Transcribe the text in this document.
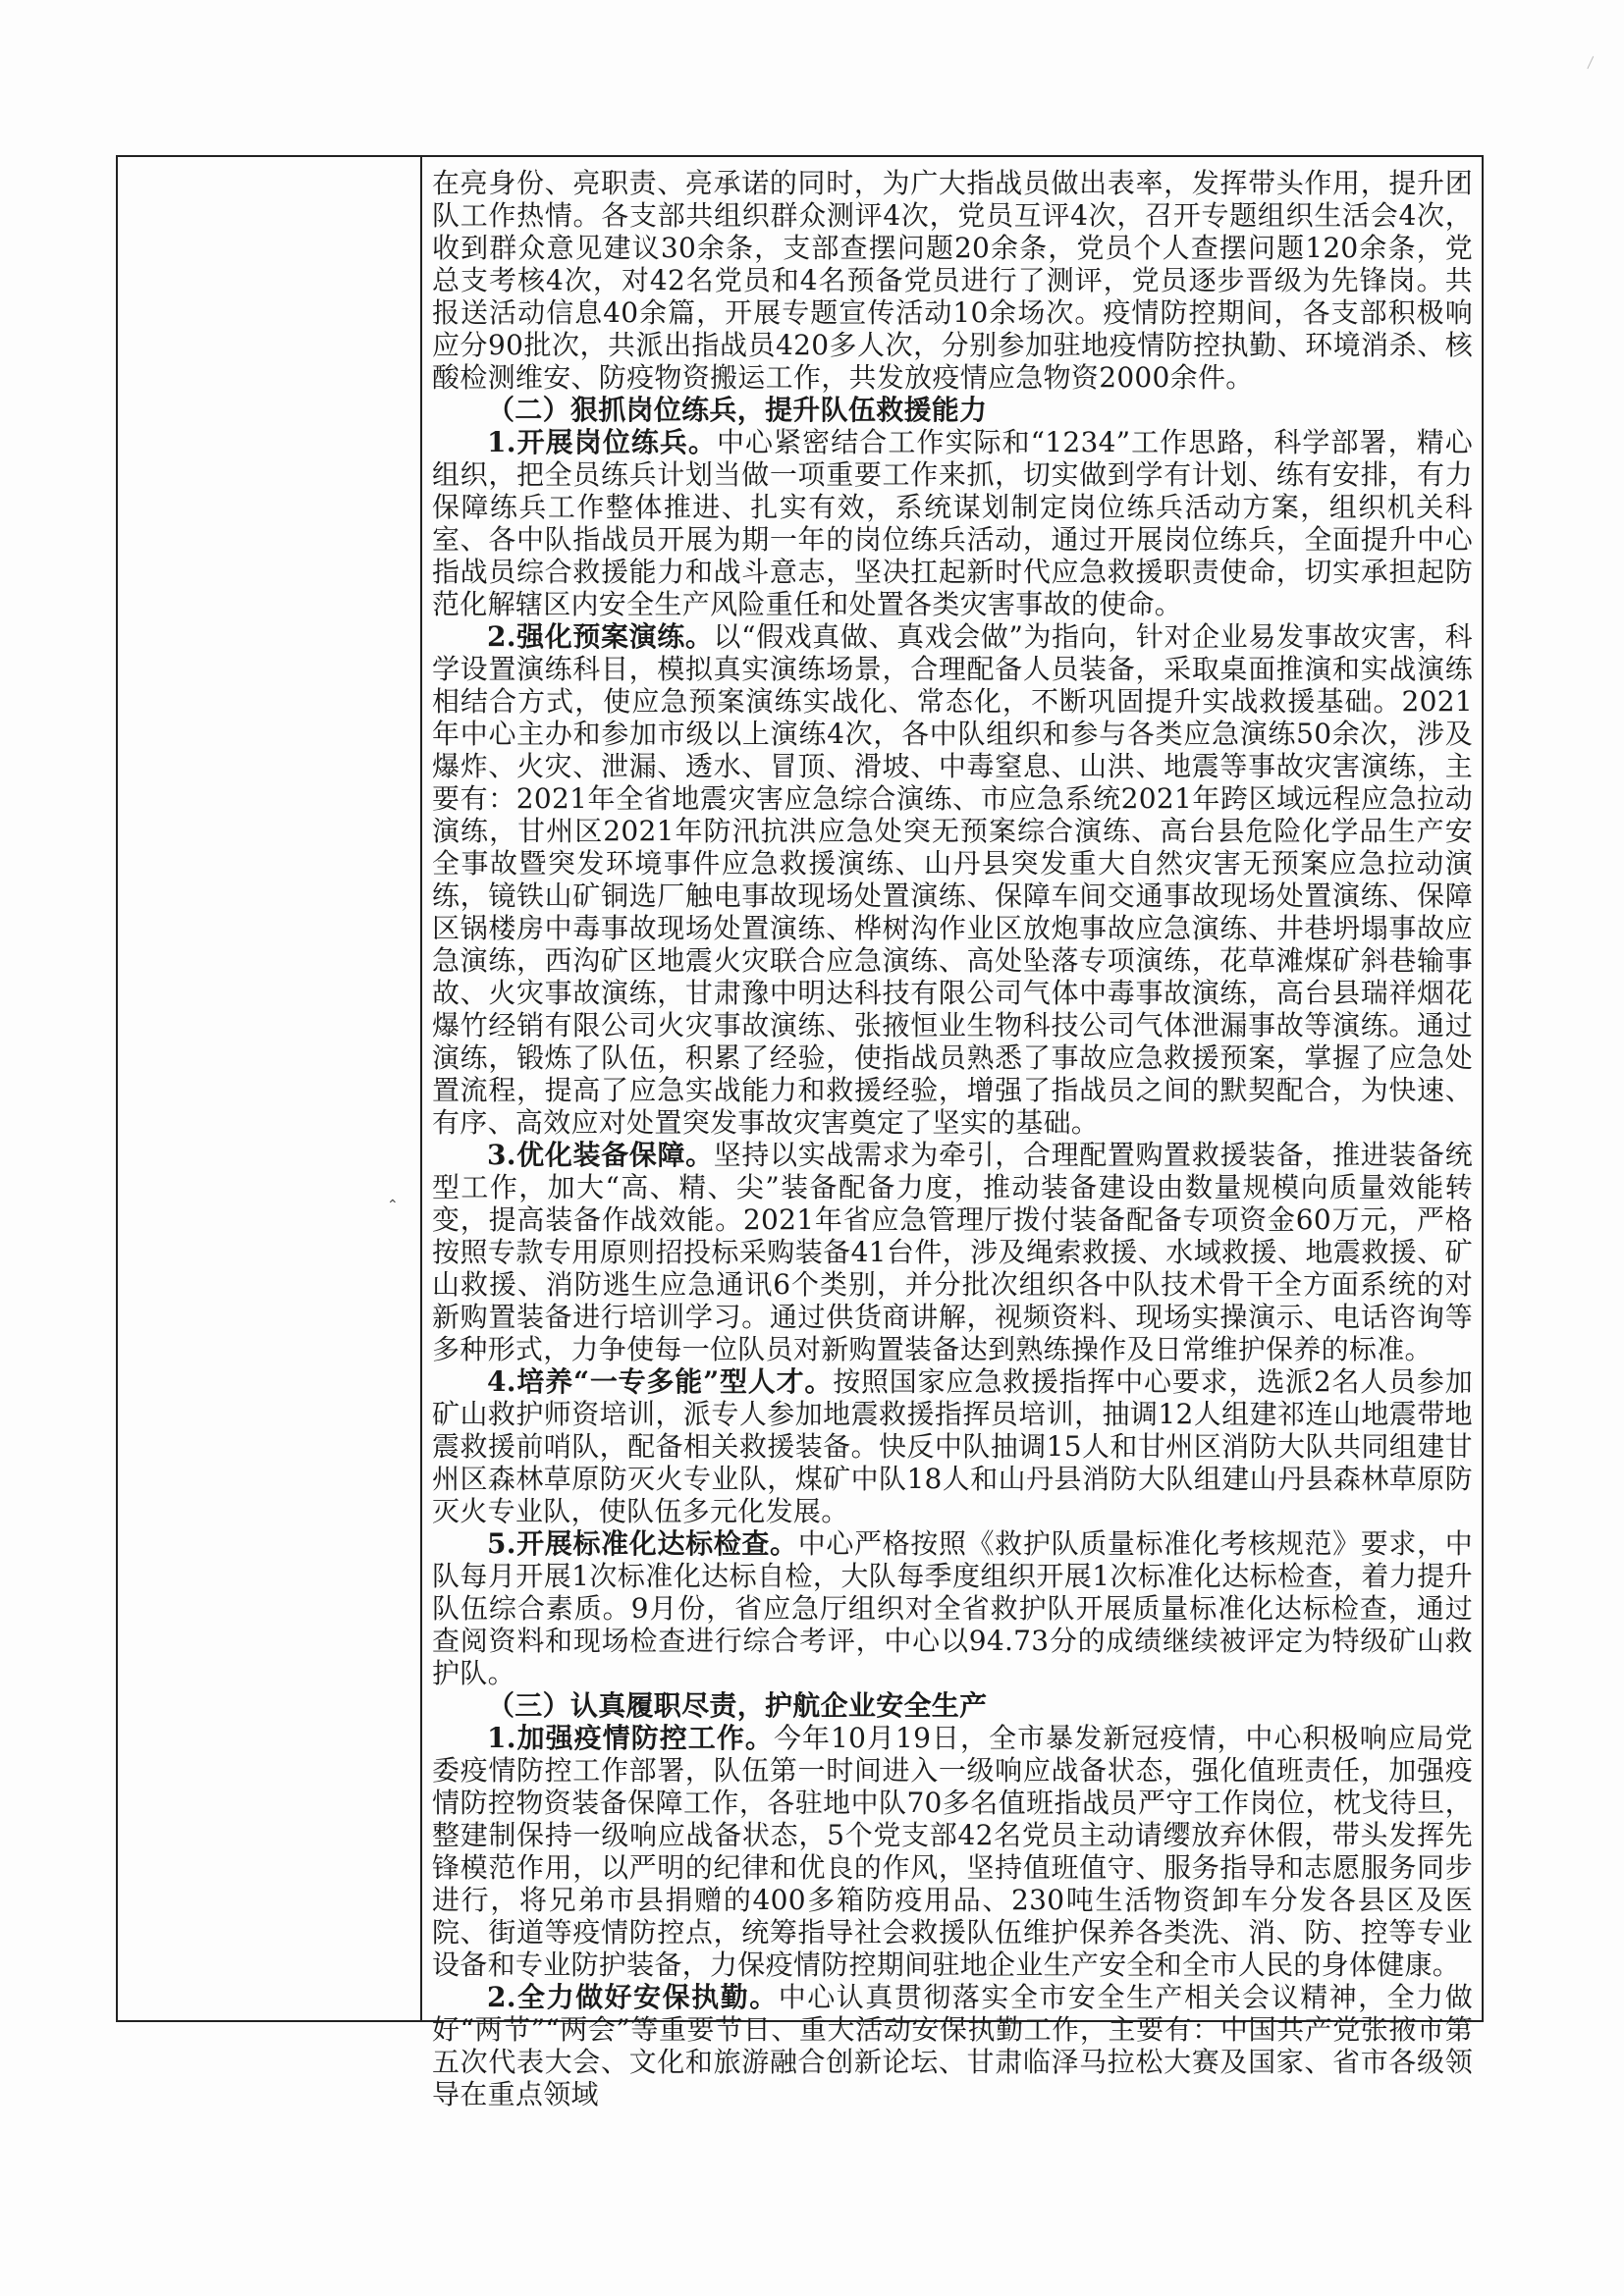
⌃

在亮身份、亮职责、亮承诺的同时，为广大指战员做出表率，发挥带头作用，提升团队工作热情。各支部共组织群众测评4次，党员互评4次，召开专题组织生活会4次，收到群众意见建议30余条，支部查摆问题20余条，党员个人查摆问题120余条，党总支考核4次，对42名党员和4名预备党员进行了测评，党员逐步晋级为先锋岗。共报送活动信息40余篇，开展专题宣传活动10余场次。疫情防控期间，各支部积极响应分90批次，共派出指战员420多人次，分别参加驻地疫情防控执勤、环境消杀、核酸检测维安、防疫物资搬运工作，共发放疫情应急物资2000余件。

（二）狠抓岗位练兵，提升队伍救援能力

1.开展岗位练兵。中心紧密结合工作实际和“1234”工作思路，科学部署，精心组织，把全员练兵计划当做一项重要工作来抓，切实做到学有计划、练有安排，有力保障练兵工作整体推进、扎实有效，系统谋划制定岗位练兵活动方案，组织机关科室、各中队指战员开展为期一年的岗位练兵活动，通过开展岗位练兵，全面提升中心指战员综合救援能力和战斗意志，坚决扛起新时代应急救援职责使命，切实承担起防范化解辖区内安全生产风险重任和处置各类灾害事故的使命。

2.强化预案演练。以“假戏真做、真戏会做”为指向，针对企业易发事故灾害，科学设置演练科目，模拟真实演练场景，合理配备人员装备，采取桌面推演和实战演练相结合方式，使应急预案演练实战化、常态化，不断巩固提升实战救援基础。2021年中心主办和参加市级以上演练4次，各中队组织和参与各类应急演练50余次，涉及爆炸、火灾、泄漏、透水、冒顶、滑坡、中毒窒息、山洪、地震等事故灾害演练，主要有：2021年全省地震灾害应急综合演练、市应急系统2021年跨区域远程应急拉动演练，甘州区2021年防汛抗洪应急处突无预案综合演练、高台县危险化学品生产安全事故暨突发环境事件应急救援演练、山丹县突发重大自然灾害无预案应急拉动演练，镜铁山矿铜选厂触电事故现场处置演练、保障车间交通事故现场处置演练、保障区锅楼房中毒事故现场处置演练、桦树沟作业区放炮事故应急演练、井巷坍塌事故应急演练，西沟矿区地震火灾联合应急演练、高处坠落专项演练，花草滩煤矿斜巷输事故、火灾事故演练，甘肃豫中明达科技有限公司气体中毒事故演练，高台县瑞祥烟花爆竹经销有限公司火灾事故演练、张掖恒业生物科技公司气体泄漏事故等演练。通过演练，锻炼了队伍，积累了经验，使指战员熟悉了事故应急救援预案，掌握了应急处置流程，提高了应急实战能力和救援经验，增强了指战员之间的默契配合，为快速、有序、高效应对处置突发事故灾害奠定了坚实的基础。

3.优化装备保障。坚持以实战需求为牵引，合理配置购置救援装备，推进装备统型工作，加大“高、精、尖”装备配备力度，推动装备建设由数量规模向质量效能转变，提高装备作战效能。2021年省应急管理厅拨付装备配备专项资金60万元，严格按照专款专用原则招投标采购装备41台件，涉及绳索救援、水域救援、地震救援、矿山救援、消防逃生应急通讯6个类别，并分批次组织各中队技术骨干全方面系统的对新购置装备进行培训学习。通过供货商讲解，视频资料、现场实操演示、电话咨询等多种形式，力争使每一位队员对新购置装备达到熟练操作及日常维护保养的标准。

4.培养“一专多能”型人才。按照国家应急救援指挥中心要求，选派2名人员参加矿山救护师资培训，派专人参加地震救援指挥员培训，抽调12人组建祁连山地震带地震救援前哨队，配备相关救援装备。快反中队抽调15人和甘州区消防大队共同组建甘州区森林草原防灭火专业队，煤矿中队18人和山丹县消防大队组建山丹县森林草原防灭火专业队，使队伍多元化发展。

5.开展标准化达标检查。中心严格按照《救护队质量标准化考核规范》要求，中队每月开展1次标准化达标自检，大队每季度组织开展1次标准化达标检查，着力提升队伍综合素质。9月份，省应急厅组织对全省救护队开展质量标准化达标检查，通过查阅资料和现场检查进行综合考评，中心以94.73分的成绩继续被评定为特级矿山救护队。

（三）认真履职尽责，护航企业安全生产

1.加强疫情防控工作。今年10月19日，全市暴发新冠疫情，中心积极响应局党委疫情防控工作部署，队伍第一时间进入一级响应战备状态，强化值班责任，加强疫情防控物资装备保障工作，各驻地中队70多名值班指战员严守工作岗位，枕戈待旦，整建制保持一级响应战备状态，5个党支部42名党员主动请缨放弃休假，带头发挥先锋模范作用，以严明的纪律和优良的作风，坚持值班值守、服务指导和志愿服务同步进行，将兄弟市县捐赠的400多箱防疫用品、230吨生活物资卸车分发各县区及医院、街道等疫情防控点，统筹指导社会救援队伍维护保养各类洗、消、防、控等专业设备和专业防护装备，力保疫情防控期间驻地企业生产安全和全市人民的身体健康。

2.全力做好安保执勤。中心认真贯彻落实全市安全生产相关会议精神，全力做好“两节”“两会”等重要节日、重大活动安保执勤工作，主要有：中国共产党张掖市第五次代表大会、文化和旅游融合创新论坛、甘肃临泽马拉松大赛及国家、省市各级领导在重点领域
